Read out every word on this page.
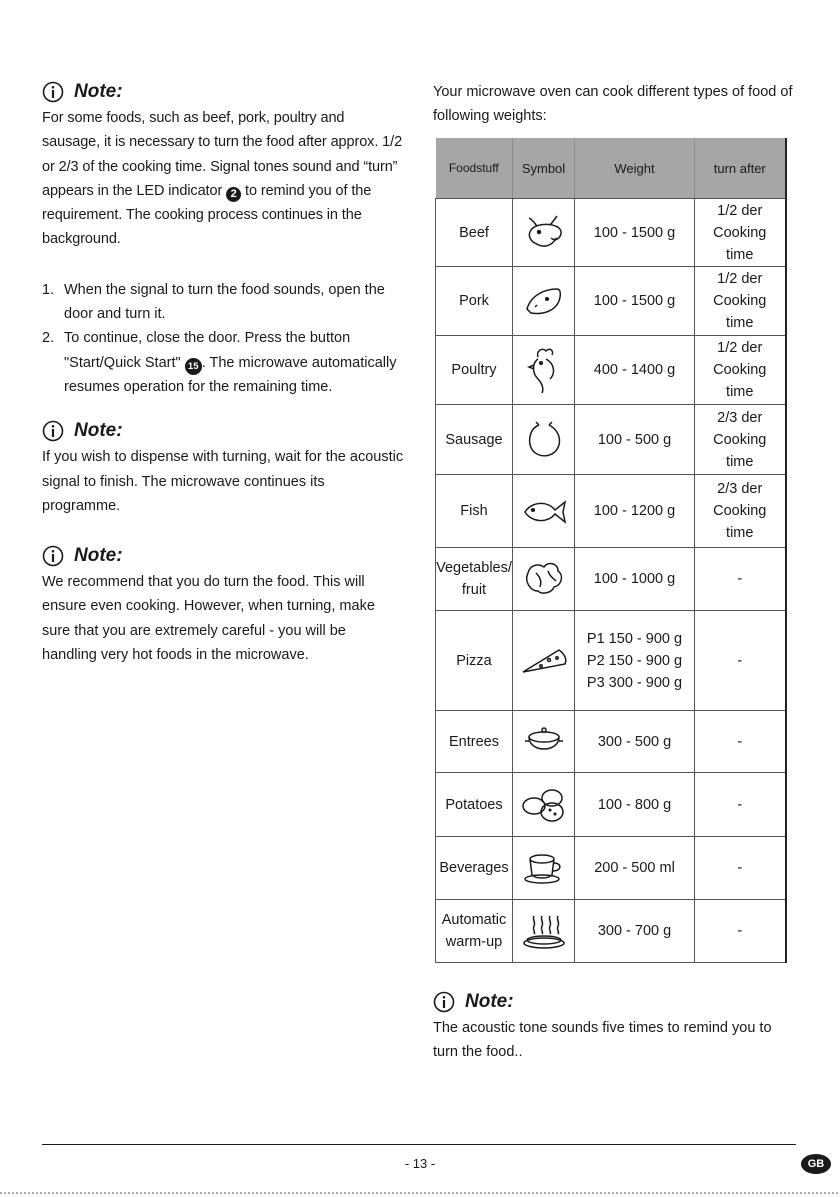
Note:

For some foods, such as beef, pork, poultry and sausage, it is necessary to turn the food after approx. 1/2 or 2/3 of the cooking time. Signal tones sound and “turn” appears in the LED indicator 2 to remind you of the requirement. The cooking process continues in the background.

1. When the signal to turn the food sounds, open the door and turn it.
2. To continue, close the door. Press the button "Start/Quick Start" 15 . The microwave automatically resumes operation for the remaining time.
Note:

If you wish to dispense with turning, wait for the acoustic signal to finish. The microwave continues its programme.

Note:

We recommend that you do turn the food. This will ensure even cooking. However, when turning, make sure that you are extremely careful - you will be handling very hot foods in the microwave.

Your microwave oven can cook different types of food of following weights:

Foodstuff	Symbol	Weight	turn after

Beef		100 - 1500 g	1/2 der
Cooking
time

Pork		100 - 1500 g	1/2 der
Cooking
time

Poultry		400 - 1400 g	1/2 der
Cooking
time

Sausage		100 - 500 g	2/3 der
Cooking
time

Fish		100 - 1200 g	2/3 der
Cooking
time

Vegetables/fruit		100 - 1000 g	-

Pizza		P1 150 - 900 g
P2 150 - 900 g
P3 300 - 900 g	-

Entrees		300 - 500 g	-

Potatoes		100 - 800 g	-

Beverages		200 - 500 ml	-

Automatic warm-up		300 - 700 g	-
Note:

The acoustic tone sounds five times to remind you to turn the food..

- 13 -	GB
